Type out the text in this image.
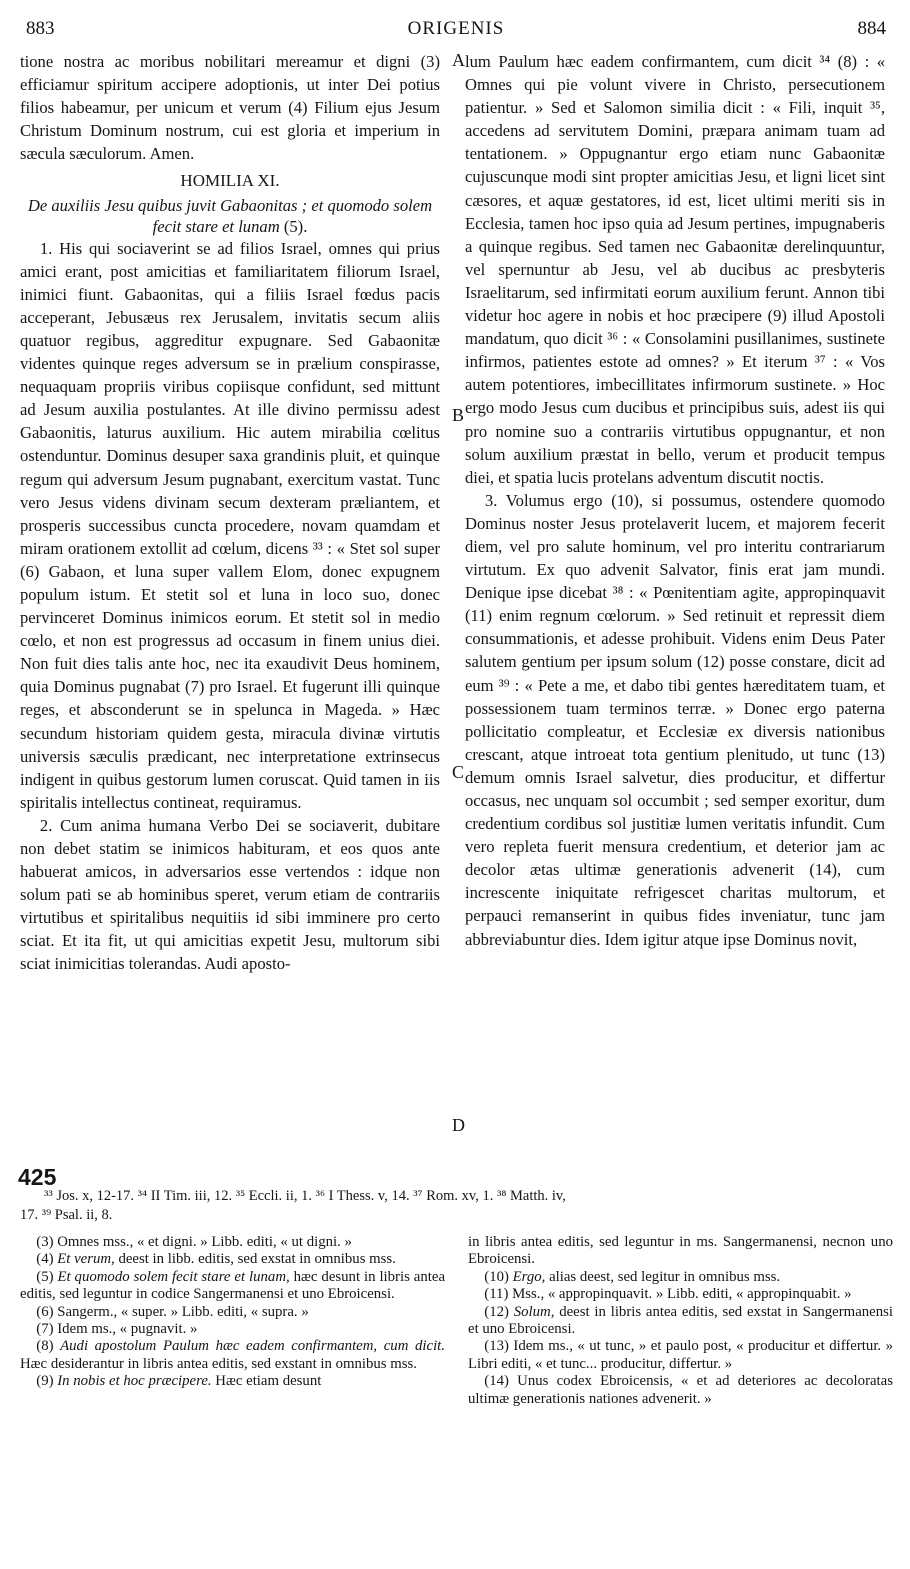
883	ORIGENIS	884
A
B
C
D

tione nostra ac moribus nobilitari mereamur et digni (3) efficiamur spiritum accipere adoptionis, ut inter Dei potius filios habeamur, per unicum et verum (4) Filium ejus Jesum Christum Dominum nostrum, cui est gloria et imperium in sæcula sæculorum. Amen.

HOMILIA XI.

De auxiliis Jesu quibus juvit Gabaonitas ; et quomodo solem fecit stare et lunam (5).

1. His qui sociaverint se ad filios Israel, omnes qui prius amici erant, post amicitias et familiaritatem filiorum Israel, inimici fiunt. Gabaonitas, qui a filiis Israel fœdus pacis acceperant, Jebusæus rex Jerusalem, invitatis secum aliis quatuor regibus, aggreditur expugnare. Sed Gabaonitæ videntes quinque reges adversum se in prælium conspirasse, nequaquam propriis viribus copiisque confidunt, sed mittunt ad Jesum auxilia postulantes. At ille divino permissu adest Gabaonitis, laturus auxilium. Hic autem mirabilia cœlitus ostenduntur. Dominus desuper saxa grandinis pluit, et quinque regum qui adversum Jesum pugnabant, exercitum vastat. Tunc vero Jesus videns divinam secum dexteram præliantem, et prosperis successibus cuncta procedere, novam quamdam et miram orationem extollit ad cœlum, dicens ³³ : « Stet sol super (6) Gabaon, et luna super vallem Elom, donec expugnem populum istum. Et stetit sol et luna in loco suo, donec pervinceret Dominus inimicos eorum. Et stetit sol in medio cœlo, et non est progressus ad occasum in finem unius diei. Non fuit dies talis ante hoc, nec ita exaudivit Deus hominem, quia Dominus pugnabat (7) pro Israel. Et fugerunt illi quinque reges, et absconderunt se in spelunca in Mageda. » Hæc secundum historiam quidem gesta, miracula divinæ virtutis universis sæculis prædicant, nec interpretatione extrinsecus indigent in quibus gestorum lumen coruscat. Quid tamen in iis spiritalis intellectus contineat, requiramus.

2. Cum anima humana Verbo Dei se sociaverit, dubitare non debet statim se inimicos habituram, et eos quos ante habuerat amicos, in adversarios esse vertendos : idque non solum pati se ab hominibus speret, verum etiam de contrariis virtutibus et spiritalibus nequitiis id sibi imminere pro certo sciat. Et ita fit, ut qui amicitias expetit Jesu, multorum sibi sciat inimicitias tolerandas. Audi aposto-

lum Paulum hæc eadem confirmantem, cum dicit ³⁴ (8) : « Omnes qui pie volunt vivere in Christo, persecutionem patientur. » Sed et Salomon similia dicit : « Fili, inquit ³⁵, accedens ad servitutem Domini, præpara animam tuam ad tentationem. » Oppugnantur ergo etiam nunc Gabaonitæ cujuscunque modi sint propter amicitias Jesu, et ligni licet sint cæsores, et aquæ gestatores, id est, licet ultimi meriti sis in Ecclesia, tamen hoc ipso quia ad Jesum pertines, impugnaberis a quinque regibus. Sed tamen nec Gabaonitæ derelinquuntur, vel spernuntur ab Jesu, vel ab ducibus ac presbyteris Israelitarum, sed infirmitati eorum auxilium ferunt. Annon tibi videtur hoc agere in nobis et hoc præcipere (9) illud Apostoli mandatum, quo dicit ³⁶ : « Consolamini pusillanimes, sustinete infirmos, patientes estote ad omnes? » Et iterum ³⁷ : « Vos autem potentiores, imbecillitates infirmorum sustinete. » Hoc ergo modo Jesus cum ducibus et principibus suis, adest iis qui pro nomine suo a contrariis virtutibus oppugnantur, et non solum auxilium præstat in bello, verum et producit tempus diei, et spatia lucis protelans adventum discutit noctis.

3. Volumus ergo (10), si possumus, ostendere quomodo Dominus noster Jesus protelaverit lucem, et majorem fecerit diem, vel pro salute hominum, vel pro interitu contrariarum virtutum. Ex quo advenit Salvator, finis erat jam mundi. Denique ipse dicebat ³⁸ : « Pœnitentiam agite, appropinquavit (11) enim regnum cœlorum. » Sed retinuit et repressit diem consummationis, et adesse prohibuit. Videns enim Deus Pater salutem gentium per ipsum solum (12) posse constare, dicit ad eum ³⁹ : « Pete a me, et dabo tibi gentes hæreditatem tuam, et possessionem tuam terminos terræ. » Donec ergo paterna pollicitatio compleatur, et Ecclesiæ ex diversis nationibus crescant, atque introeat tota gentium plenitudo, ut tunc (13) demum omnis Israel salvetur, dies producitur, et differtur occasus, nec unquam sol occumbit ; sed semper exoritur, dum credentium cordibus sol justitiæ lumen veritatis infundit. Cum vero repleta fuerit mensura credentium, et deterior jam ac decolor ætas ultimæ generationis advenerit (14), cum increscente iniquitate refrigescet charitas multorum, et perpauci remanserint in quibus fides inveniatur, tunc jam abbreviabuntur dies. Idem igitur atque ipse Dominus novit,

425

³³ Jos. x, 12-17. ³⁴ II Tim. iii, 12. ³⁵ Eccli. ii, 1. ³⁶ I Thess. v, 14. ³⁷ Rom. xv, 1. ³⁸ Matth. iv,

17. ³⁹ Psal. ii, 8.

(3) Omnes mss., « et digni. » Libb. editi, « ut digni. »

(4) Et verum, deest in libb. editis, sed exstat in omnibus mss.

(5) Et quomodo solem fecit stare et lunam, hæc desunt in libris antea editis, sed leguntur in codice Sangermanensi et uno Ebroicensi.

(6) Sangerm., « super. » Libb. editi, « supra. »

(7) Idem ms., « pugnavit. »

(8) Audi apostolum Paulum hæc eadem confirmantem, cum dicit. Hæc desiderantur in libris antea editis, sed exstant in omnibus mss.

(9) In nobis et hoc præcipere. Hæc etiam desunt

in libris antea editis, sed leguntur in ms. Sangermanensi, necnon uno Ebroicensi.

(10) Ergo, alias deest, sed legitur in omnibus mss.

(11) Mss., « appropinquavit. » Libb. editi, « appropinquabit. »

(12) Solum, deest in libris antea editis, sed exstat in Sangermanensi et uno Ebroicensi.

(13) Idem ms., « ut tunc, » et paulo post, « producitur et differtur. » Libri editi, « et tunc... producitur, differtur. »

(14) Unus codex Ebroicensis, « et ad deteriores ac decoloratas ultimæ generationis nationes advenerit. »
